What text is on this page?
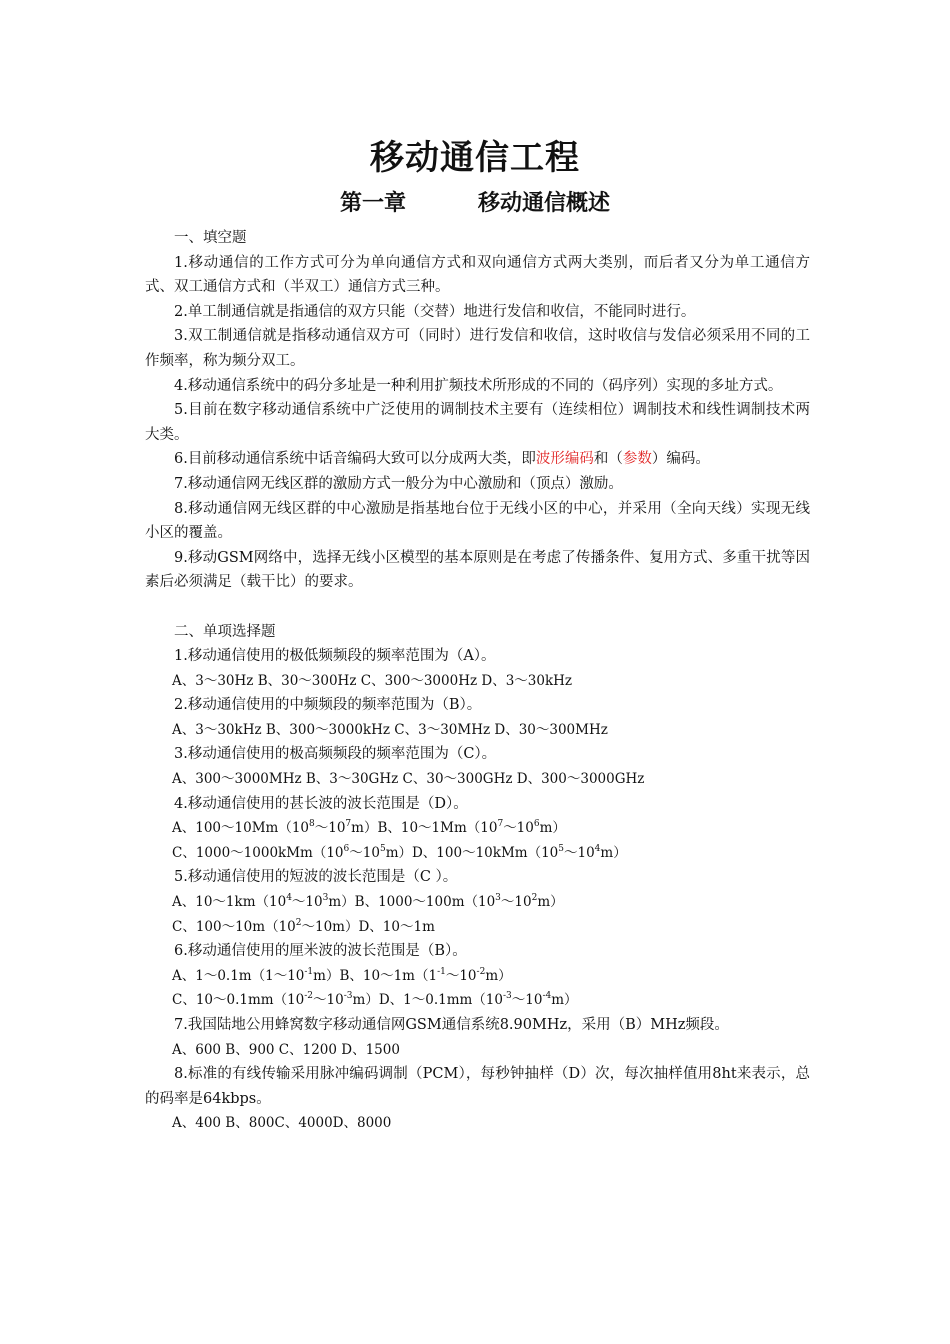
移动通信工程
第一章	移动通信概述

一、填空题

1.移动通信的工作方式可分为单向通信方式和双向通信方式两大类别，而后者又分为单工通信方式、双工通信方式和（半双工）通信方式三种。

2.单工制通信就是指通信的双方只能（交替）地进行发信和收信，不能同时进行。

3.双工制通信就是指移动通信双方可（同时）进行发信和收信，这时收信与发信必须采用不同的工作频率，称为频分双工。

4.移动通信系统中的码分多址是一种利用扩频技术所形成的不同的（码序列）实现的多址方式。

5.目前在数字移动通信系统中广泛使用的调制技术主要有（连续相位）调制技术和线性调制技术两大类。

6.目前移动通信系统中话音编码大致可以分成两大类，即波形编码和（参数）编码。

7.移动通信网无线区群的激励方式一般分为中心激励和（顶点）激励。

8.移动通信网无线区群的中心激励是指基地台位于无线小区的中心，并采用（全向天线）实现无线小区的覆盖。

9.移动GSM网络中，选择无线小区模型的基本原则是在考虑了传播条件、复用方式、多重干扰等因素后必须满足（载干比）的要求。

二、单项选择题

1.移动通信使用的极低频频段的频率范围为（A）。

A、3～30Hz B、30～300Hz C、300～3000Hz D、3～30kHz

2.移动通信使用的中频频段的频率范围为（B）。

A、3～30kHz B、300～3000kHz C、3～30MHz D、30～300MHz

3.移动通信使用的极高频频段的频率范围为（C）。

A、300～3000MHz B、3～30GHz C、30～300GHz D、300～3000GHz

4.移动通信使用的甚长波的波长范围是（D）。

A、$100\sim 10Mm(10^8\sim 10^7m)B$、$10\sim 1Mm(10^7\sim 10^6m)$

C、$1000\sim 1000kMm(10^6\sim 10^5m)D$、$100\sim 10kMm(10^5\sim 10^4m)$

5.移动通信使用的短波的波长范围是（C ）。

A、$10\sim 1km(10^4\sim 10^3m)B$、$1000\sim 100m(10^3\sim 10^2m)$

C、$100\sim 10m(10^2\sim 10m)D$、10～1m

6.移动通信使用的厘米波的波长范围是（B）。

A、$1\sim 0.1m(1\sim 10^{-1}m)B$、$10\sim 1m(1^{-1}\sim 10^{-2}m)$

C、$10\sim 0.1mm(10^{-2}\sim 10^{-3}m)D$、$1\sim 0.1mm(10^{-3}\sim 10^{-4}m)$

7.我国陆地公用蜂窝数字移动通信网GSM通信系统8.90MHz，采用（B）MHz频段。

A、600 B、900 C、1200 D、1500

8.标准的有线传输采用脉冲编码调制（PCM），每秒钟抽样（D）次，每次抽样值用8ht来表示，总的码率是64kbps。

A、400 B、800C、4000D、8000
